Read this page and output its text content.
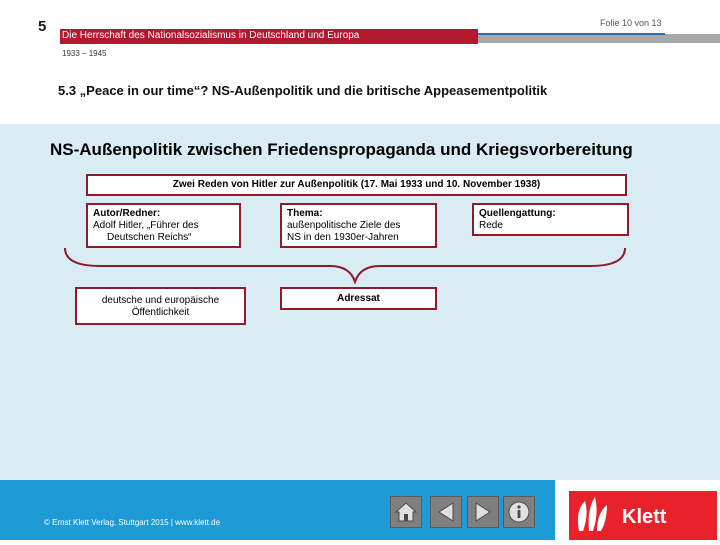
5	Folie 10 von 13
Die Herrschaft des Nationalsozialismus in Deutschland und Europa
1933 – 1945
5.3 „Peace in our time“? NS-Außenpolitik und die britische Appeasementpolitik
NS-Außenpolitik zwischen Friedenspropaganda und Kriegsvorbereitung
Zwei Reden von Hitler zur Außenpolitik (17. Mai 1933 und 10. November 1938)
Autor/Redner:
Adolf Hitler, „Führer des
Deutschen Reichs“
Thema:
außenpolitische Ziele des
NS in den 1930er-Jahren
Quellengattung:
Rede
deutsche und europäische
Öffentlichkeit
Adressat
© Ernst Klett Verlag, Stuttgart 2015 | www.klett.de	Klett
